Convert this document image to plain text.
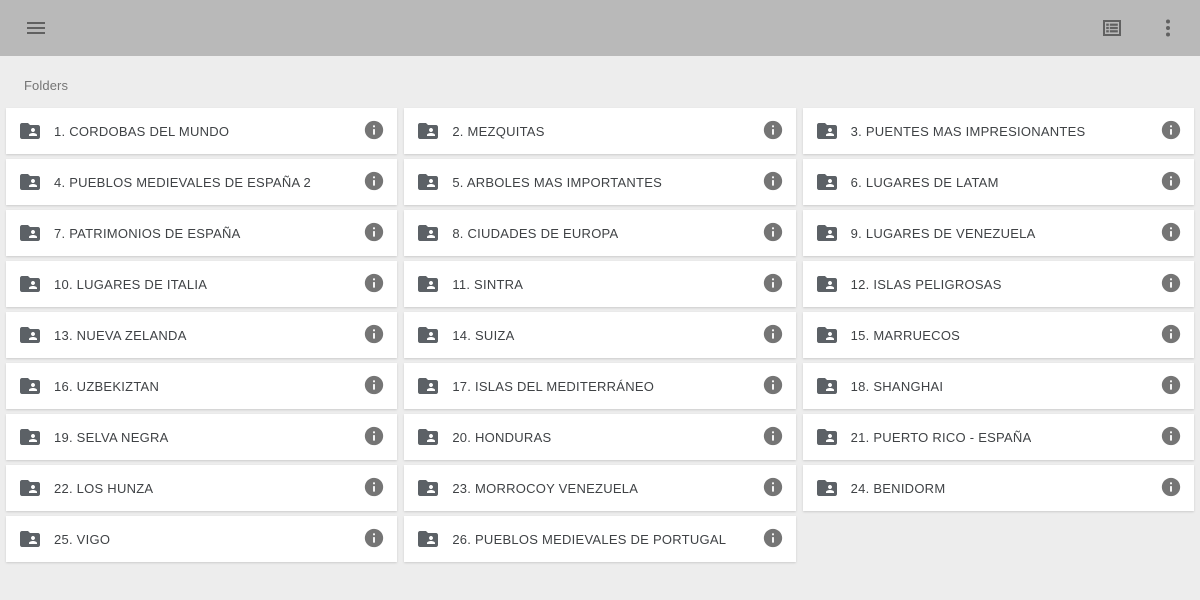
Folders
1. CORDOBAS DEL MUNDO	2. MEZQUITAS	3. PUENTES MAS IMPRESIONANTES
4. PUEBLOS MEDIEVALES DE ESPAÑA 2	5. ARBOLES MAS IMPORTANTES	6. LUGARES DE LATAM
7. PATRIMONIOS DE ESPAÑA	8. CIUDADES DE EUROPA	9. LUGARES DE VENEZUELA
10. LUGARES DE ITALIA	11. SINTRA	12. ISLAS PELIGROSAS
13. NUEVA ZELANDA	14. SUIZA	15. MARRUECOS
16. UZBEKIZTAN	17. ISLAS DEL MEDITERRÁNEO	18. SHANGHAI
19. SELVA NEGRA	20. HONDURAS	21. PUERTO RICO - ESPAÑA
22. LOS HUNZA	23. MORROCOY VENEZUELA	24. BENIDORM
25. VIGO	26. PUEBLOS MEDIEVALES DE PORTUGAL
